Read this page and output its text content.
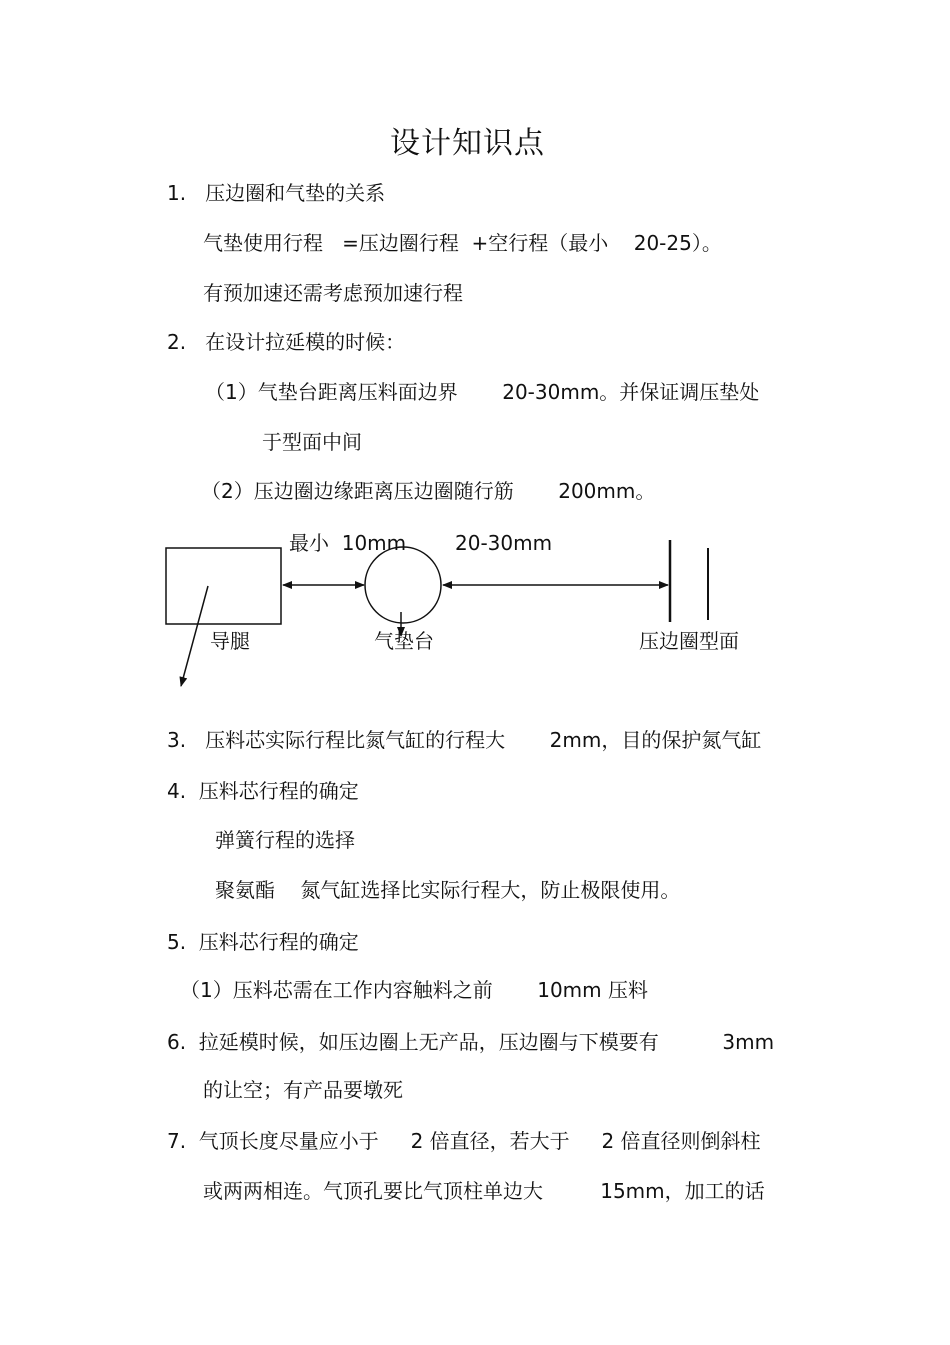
设计知识点
1.   压边圈和气垫的关系
气垫使用行程   =压边圈行程  +空行程（最小    20-25）。
有预加速还需考虑预加速行程
2.   在设计拉延模的时候：
（1）气垫台距离压料面边界       20-30mm。并保证调压垫处
于型面中间
（2）压边圈边缘距离压边圈随行筋       200mm。
最小  10mm 20-30mm
导腿	气垫台	压边圈型面
3.   压料芯实际行程比氮气缸的行程大       2mm，目的保护氮气缸
4.  压料芯行程的确定
弹簧行程的选择
聚氨酯    氮气缸选择比实际行程大，防止极限使用。
5.  压料芯行程的确定
（1）压料芯需在工作内容触料之前       10mm 压料
6.  拉延模时候，如压边圈上无产品，压边圈与下模要有          3mm
的让空；有产品要墩死
7.  气顶长度尽量应小于     2 倍直径，若大于     2 倍直径则倒斜柱
或两两相连。气顶孔要比气顶柱单边大         15mm，加工的话
